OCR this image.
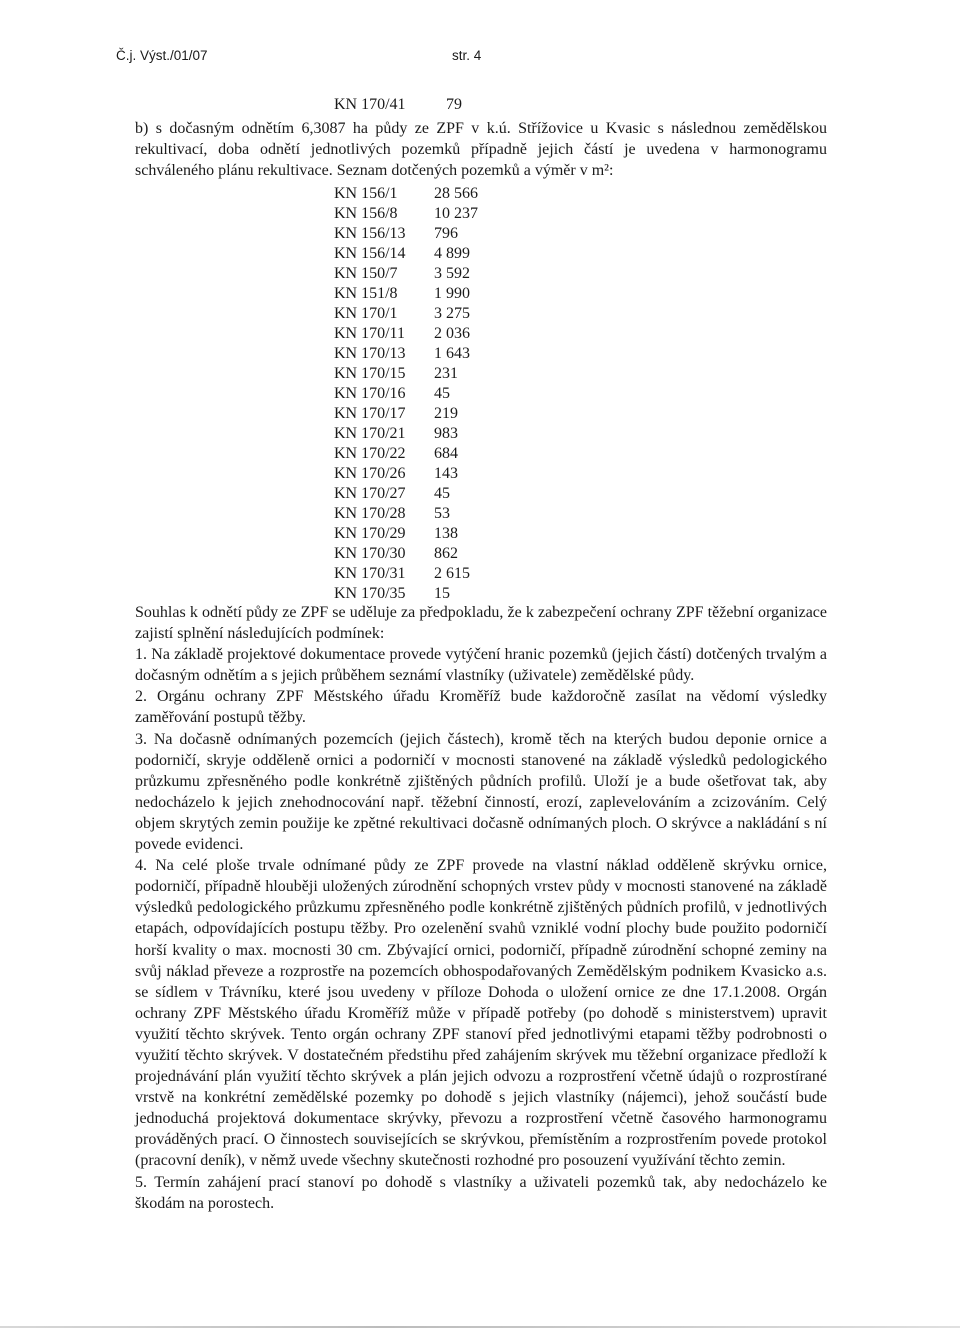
Č.j. Výst./01/07	str. 4
KN 170/41	79
b) s dočasným odnětím 6,3087 ha půdy ze ZPF v k.ú. Střížovice u Kvasic s následnou zemědělskou rekultivací, doba odnětí jednotlivých pozemků případně jejich částí je uvedena v harmonogramu schváleného plánu rekultivace. Seznam dotčených pozemků a výměr v m²:
KN 156/1 28 566
KN 156/8 10 237
KN 156/13 796
KN 156/14 4 899
KN 150/7 3 592
KN 151/8 1 990
KN 170/1 3 275
KN 170/11 2 036
KN 170/13 1 643
KN 170/15 231
KN 170/16 45
KN 170/17 219
KN 170/21 983
KN 170/22 684
KN 170/26 143
KN 170/27 45
KN 170/28 53
KN 170/29 138
KN 170/30 862
KN 170/31 2 615
KN 170/35 15

Souhlas k odnětí půdy ze ZPF se uděluje za předpokladu, že k zabezpečení ochrany ZPF těžební organizace zajistí splnění následujících podmínek:

1. Na základě projektové dokumentace provede vytýčení hranic pozemků (jejich částí) dotčených trvalým a dočasným odnětím a s jejich průběhem seznámí vlastníky (uživatele) zemědělské půdy.

2. Orgánu ochrany ZPF Městského úřadu Kroměříž bude každoročně zasílat na vědomí výsledky zaměřování postupů těžby.

3. Na dočasně odnímaných pozemcích (jejich částech), kromě těch na kterých budou deponie ornice a podorničí, skryje odděleně ornici a podorničí v mocnosti stanovené na základě výsledků pedologického průzkumu zpřesněného podle konkrétně zjištěných půdních profilů. Uloží je a bude ošetřovat tak, aby nedocházelo k jejich znehodnocování např. těžební činností, erozí, zaplevelováním a zcizováním. Celý objem skrytých zemin použije ke zpětné rekultivaci dočasně odnímaných ploch. O skrývce a nakládání s ní povede evidenci.

4. Na celé ploše trvale odnímané půdy ze ZPF provede na vlastní náklad odděleně skrývku ornice, podorničí, případně hlouběji uložených zúrodnění schopných vrstev půdy v mocnosti stanovené na základě výsledků pedologického průzkumu zpřesněného podle konkrétně zjištěných půdních profilů, v jednotlivých etapách, odpovídajících postupu těžby. Pro ozelenění svahů vzniklé vodní plochy bude použito podorničí horší kvality o max. mocnosti 30 cm. Zbývající ornici, podorničí, případně zúrodnění schopné zeminy na svůj náklad převeze a rozprostře na pozemcích obhospodařovaných Zemědělským podnikem Kvasicko a.s. se sídlem v Trávníku, které jsou uvedeny v příloze Dohoda o uložení ornice ze dne 17.1.2008. Orgán ochrany ZPF Městského úřadu Kroměříž může v případě potřeby (po dohodě s ministerstvem) upravit využití těchto skrývek. Tento orgán ochrany ZPF stanoví před jednotlivými etapami těžby podrobnosti o využití těchto skrývek. V dostatečném předstihu před zahájením skrývek mu těžební organizace předloží k projednávání plán využití těchto skrývek a plán jejich odvozu a rozprostření včetně údajů o rozprostírané vrstvě na konkrétní zemědělské pozemky po dohodě s jejich vlastníky (nájemci), jehož součástí bude jednoduchá projektová dokumentace skrývky, převozu a rozprostření včetně časového harmonogramu prováděných prací. O činnostech souvisejících se skrývkou, přemístěním a rozprostřením povede protokol (pracovní deník), v němž uvede všechny skutečnosti rozhodné pro posouzení využívání těchto zemin.

5. Termín zahájení prací stanoví po dohodě s vlastníky a uživateli pozemků tak, aby nedocházelo ke škodám na porostech.
